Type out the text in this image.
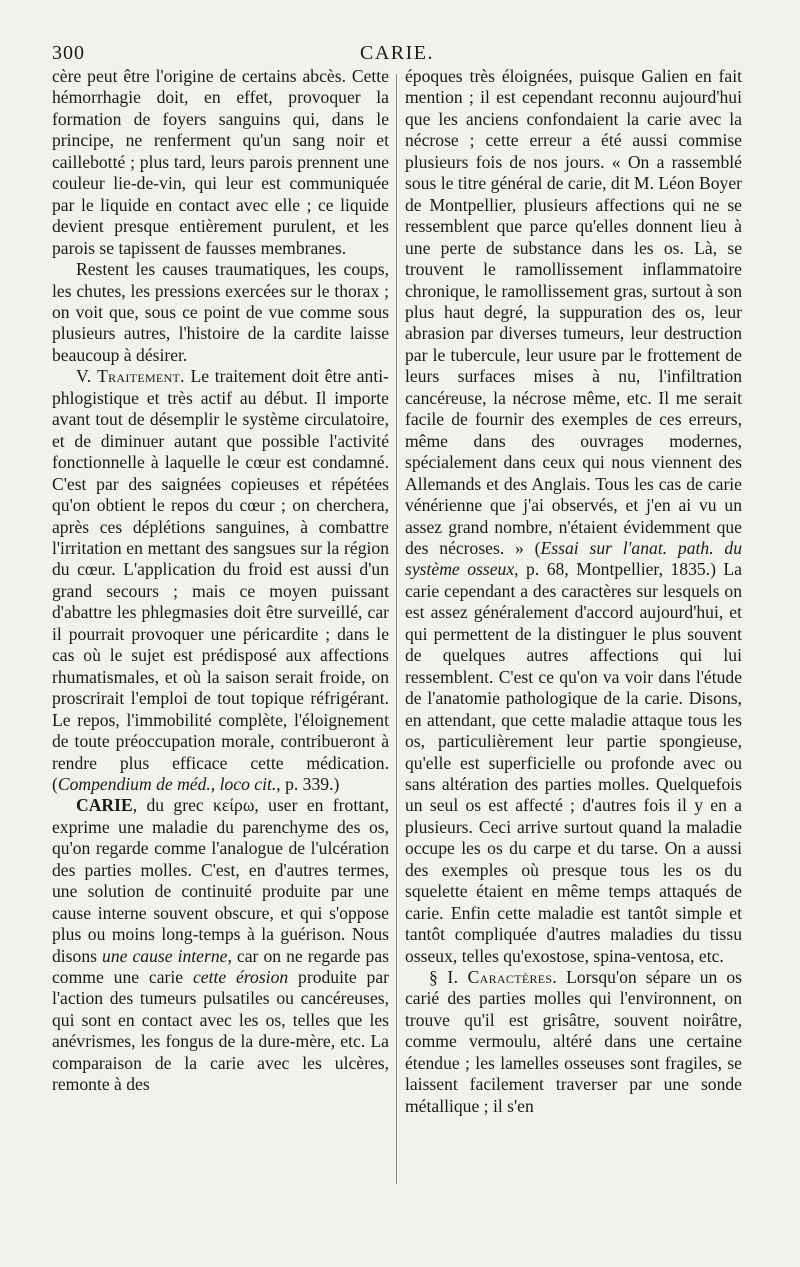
300	CARIE.

cère peut être l'origine de certains abcès. Cette hémorrhagie doit, en effet, provoquer la formation de foyers sanguins qui, dans le principe, ne renferment qu'un sang noir et caillebotté ; plus tard, leurs parois prennent une couleur lie-de-vin, qui leur est communiquée par le liquide en contact avec elle ; ce liquide devient presque entièrement purulent, et les parois se tapissent de fausses membranes.

Restent les causes traumatiques, les coups, les chutes, les pressions exercées sur le thorax ; on voit que, sous ce point de vue comme sous plusieurs autres, l'histoire de la cardite laisse beaucoup à désirer.

V. Traitement. Le traitement doit être anti-phlogistique et très actif au début. Il importe avant tout de désemplir le système circulatoire, et de diminuer autant que possible l'activité fonctionnelle à laquelle le cœur est condamné. C'est par des saignées copieuses et répétées qu'on obtient le repos du cœur ; on cherchera, après ces déplétions sanguines, à combattre l'irritation en mettant des sangsues sur la région du cœur. L'application du froid est aussi d'un grand secours ; mais ce moyen puissant d'abattre les phlegmasies doit être surveillé, car il pourrait provoquer une péricardite ; dans le cas où le sujet est prédisposé aux affections rhumatismales, et où la saison serait froide, on proscrirait l'emploi de tout topique réfrigérant. Le repos, l'immobilité complète, l'éloignement de toute préoccupation morale, contribueront à rendre plus efficace cette médication. (Compendium de méd., loco cit., p. 339.)

CARIE, du grec κείρω, user en frottant, exprime une maladie du parenchyme des os, qu'on regarde comme l'analogue de l'ulcération des parties molles. C'est, en d'autres termes, une solution de continuité produite par une cause interne souvent obscure, et qui s'oppose plus ou moins long-temps à la guérison. Nous disons une cause interne, car on ne regarde pas comme une carie cette érosion produite par l'action des tumeurs pulsatiles ou cancéreuses, qui sont en contact avec les os, telles que les anévrismes, les fongus de la dure-mère, etc. La comparaison de la carie avec les ulcères, remonte à des

époques très éloignées, puisque Galien en fait mention ; il est cependant reconnu aujourd'hui que les anciens confondaient la carie avec la nécrose ; cette erreur a été aussi commise plusieurs fois de nos jours. « On a rassemblé sous le titre général de carie, dit M. Léon Boyer de Montpellier, plusieurs affections qui ne se ressemblent que parce qu'elles donnent lieu à une perte de substance dans les os. Là, se trouvent le ramollissement inflammatoire chronique, le ramollissement gras, surtout à son plus haut degré, la suppuration des os, leur abrasion par diverses tumeurs, leur destruction par le tubercule, leur usure par le frottement de leurs surfaces mises à nu, l'infiltration cancéreuse, la nécrose même, etc. Il me serait facile de fournir des exemples de ces erreurs, même dans des ouvrages modernes, spécialement dans ceux qui nous viennent des Allemands et des Anglais. Tous les cas de carie vénérienne que j'ai observés, et j'en ai vu un assez grand nombre, n'étaient évidemment que des nécroses. » (Essai sur l'anat. path. du système osseux, p. 68, Montpellier, 1835.) La carie cependant a des caractères sur lesquels on est assez généralement d'accord aujourd'hui, et qui permettent de la distinguer le plus souvent de quelques autres affections qui lui ressemblent. C'est ce qu'on va voir dans l'étude de l'anatomie pathologique de la carie. Disons, en attendant, que cette maladie attaque tous les os, particulièrement leur partie spongieuse, qu'elle est superficielle ou profonde avec ou sans altération des parties molles. Quelquefois un seul os est affecté ; d'autres fois il y en a plusieurs. Ceci arrive surtout quand la maladie occupe les os du carpe et du tarse. On a aussi des exemples où presque tous les os du squelette étaient en même temps attaqués de carie. Enfin cette maladie est tantôt simple et tantôt compliquée d'autres maladies du tissu osseux, telles qu'exostose, spina-ventosa, etc.

§ I. Caractères. Lorsqu'on sépare un os carié des parties molles qui l'environnent, on trouve qu'il est grisâtre, souvent noirâtre, comme vermoulu, altéré dans une certaine étendue ; les lamelles osseuses sont fragiles, se laissent facilement traverser par une sonde métallique ; il s'en
